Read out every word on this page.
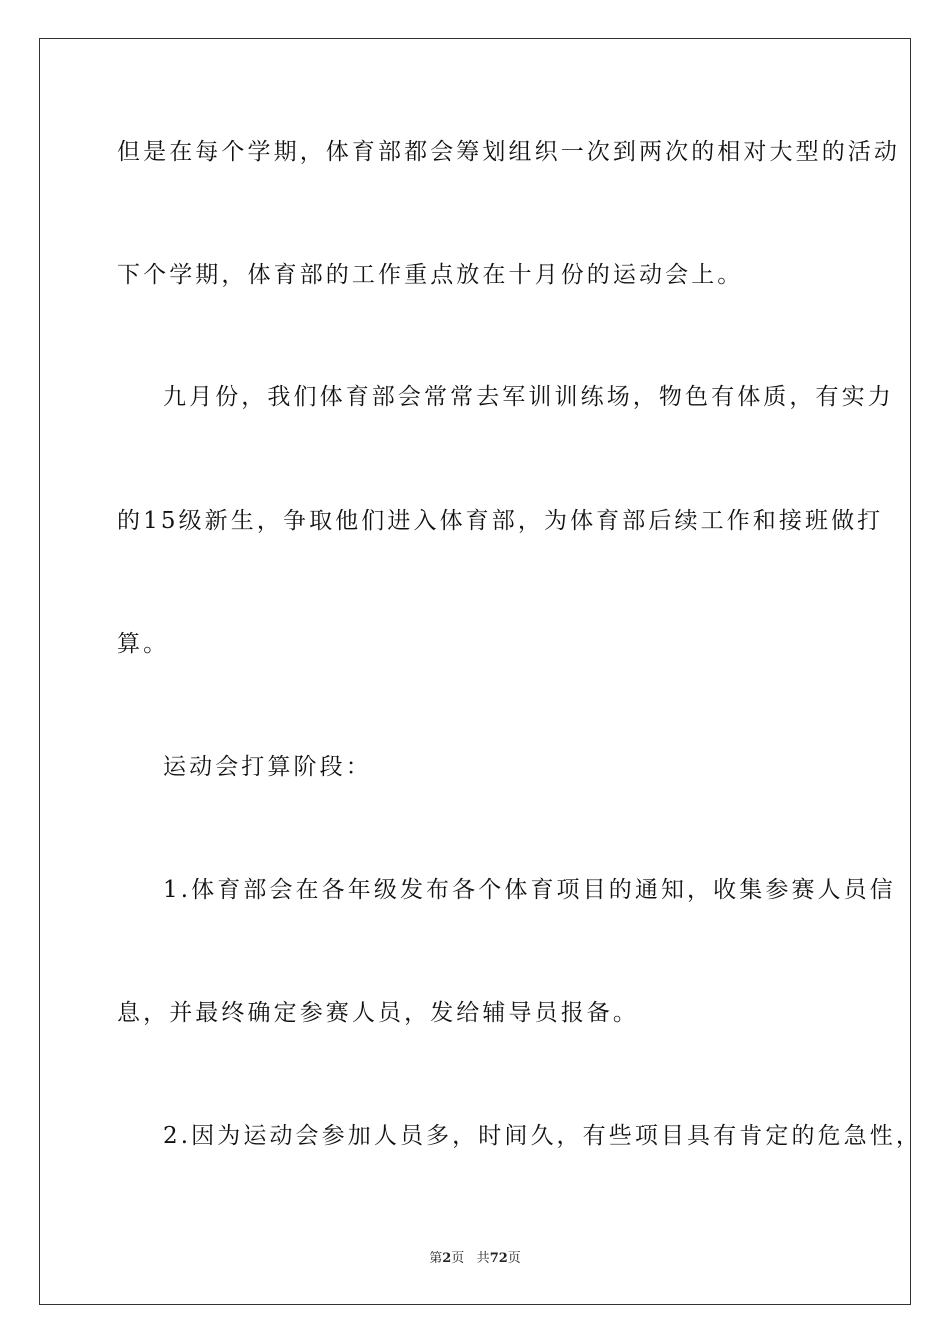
但是在每个学期，体育部都会筹划组织一次到两次的相对大型的活动
下个学期，体育部的工作重点放在十月份的运动会上。
九月份，我们体育部会常常去军训训练场，物色有体质，有实力
的15级新生，争取他们进入体育部，为体育部后续工作和接班做打
算。
运动会打算阶段：
1.体育部会在各年级发布各个体育项目的通知，收集参赛人员信
息，并最终确定参赛人员，发给辅导员报备。
2.因为运动会参加人员多，时间久，有些项目具有肯定的危急性，
第2页 共72页
